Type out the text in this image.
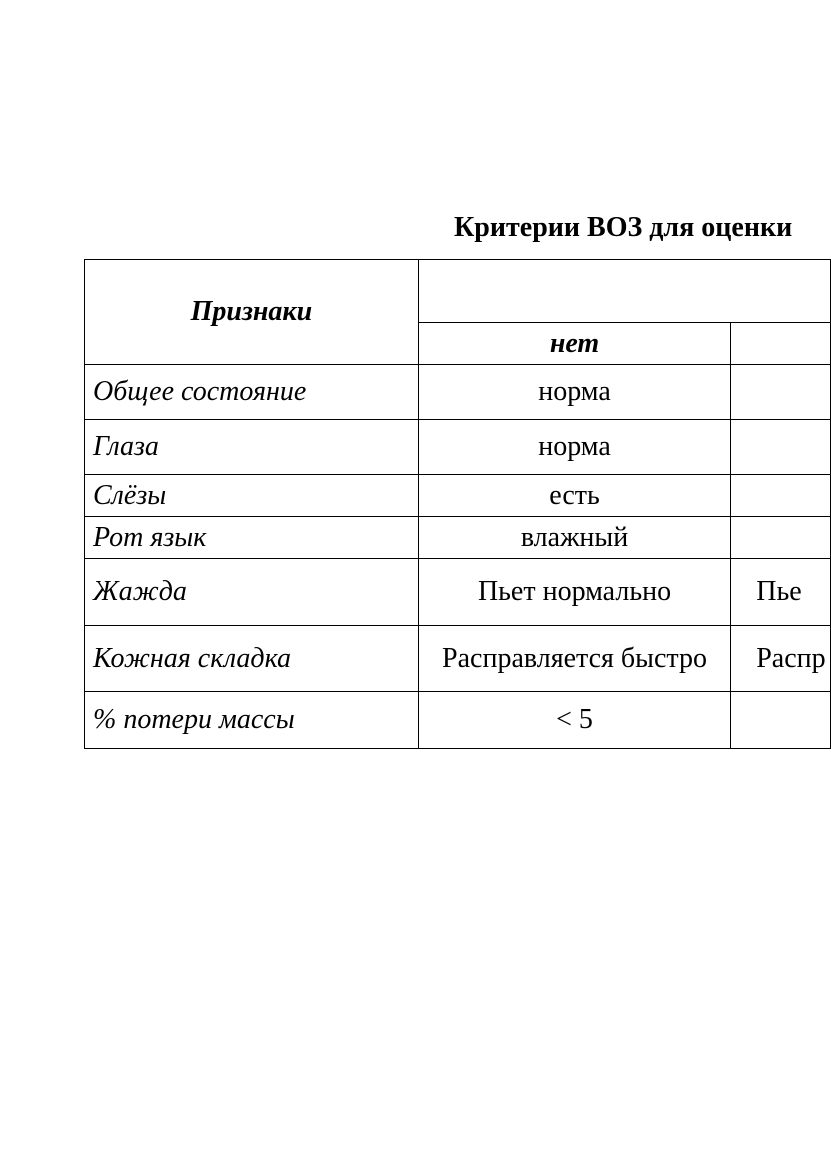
Критерии ВОЗ для оценки
Признаки		
	нет	
Общее состояние	норма	
Глаза	норма	
Слёзы	есть	
Рот язык	влажный	
Жажда	Пьет нормально	Пье
Кожная складка	Расправляется быстро	Распр
% потери массы	< 5	
